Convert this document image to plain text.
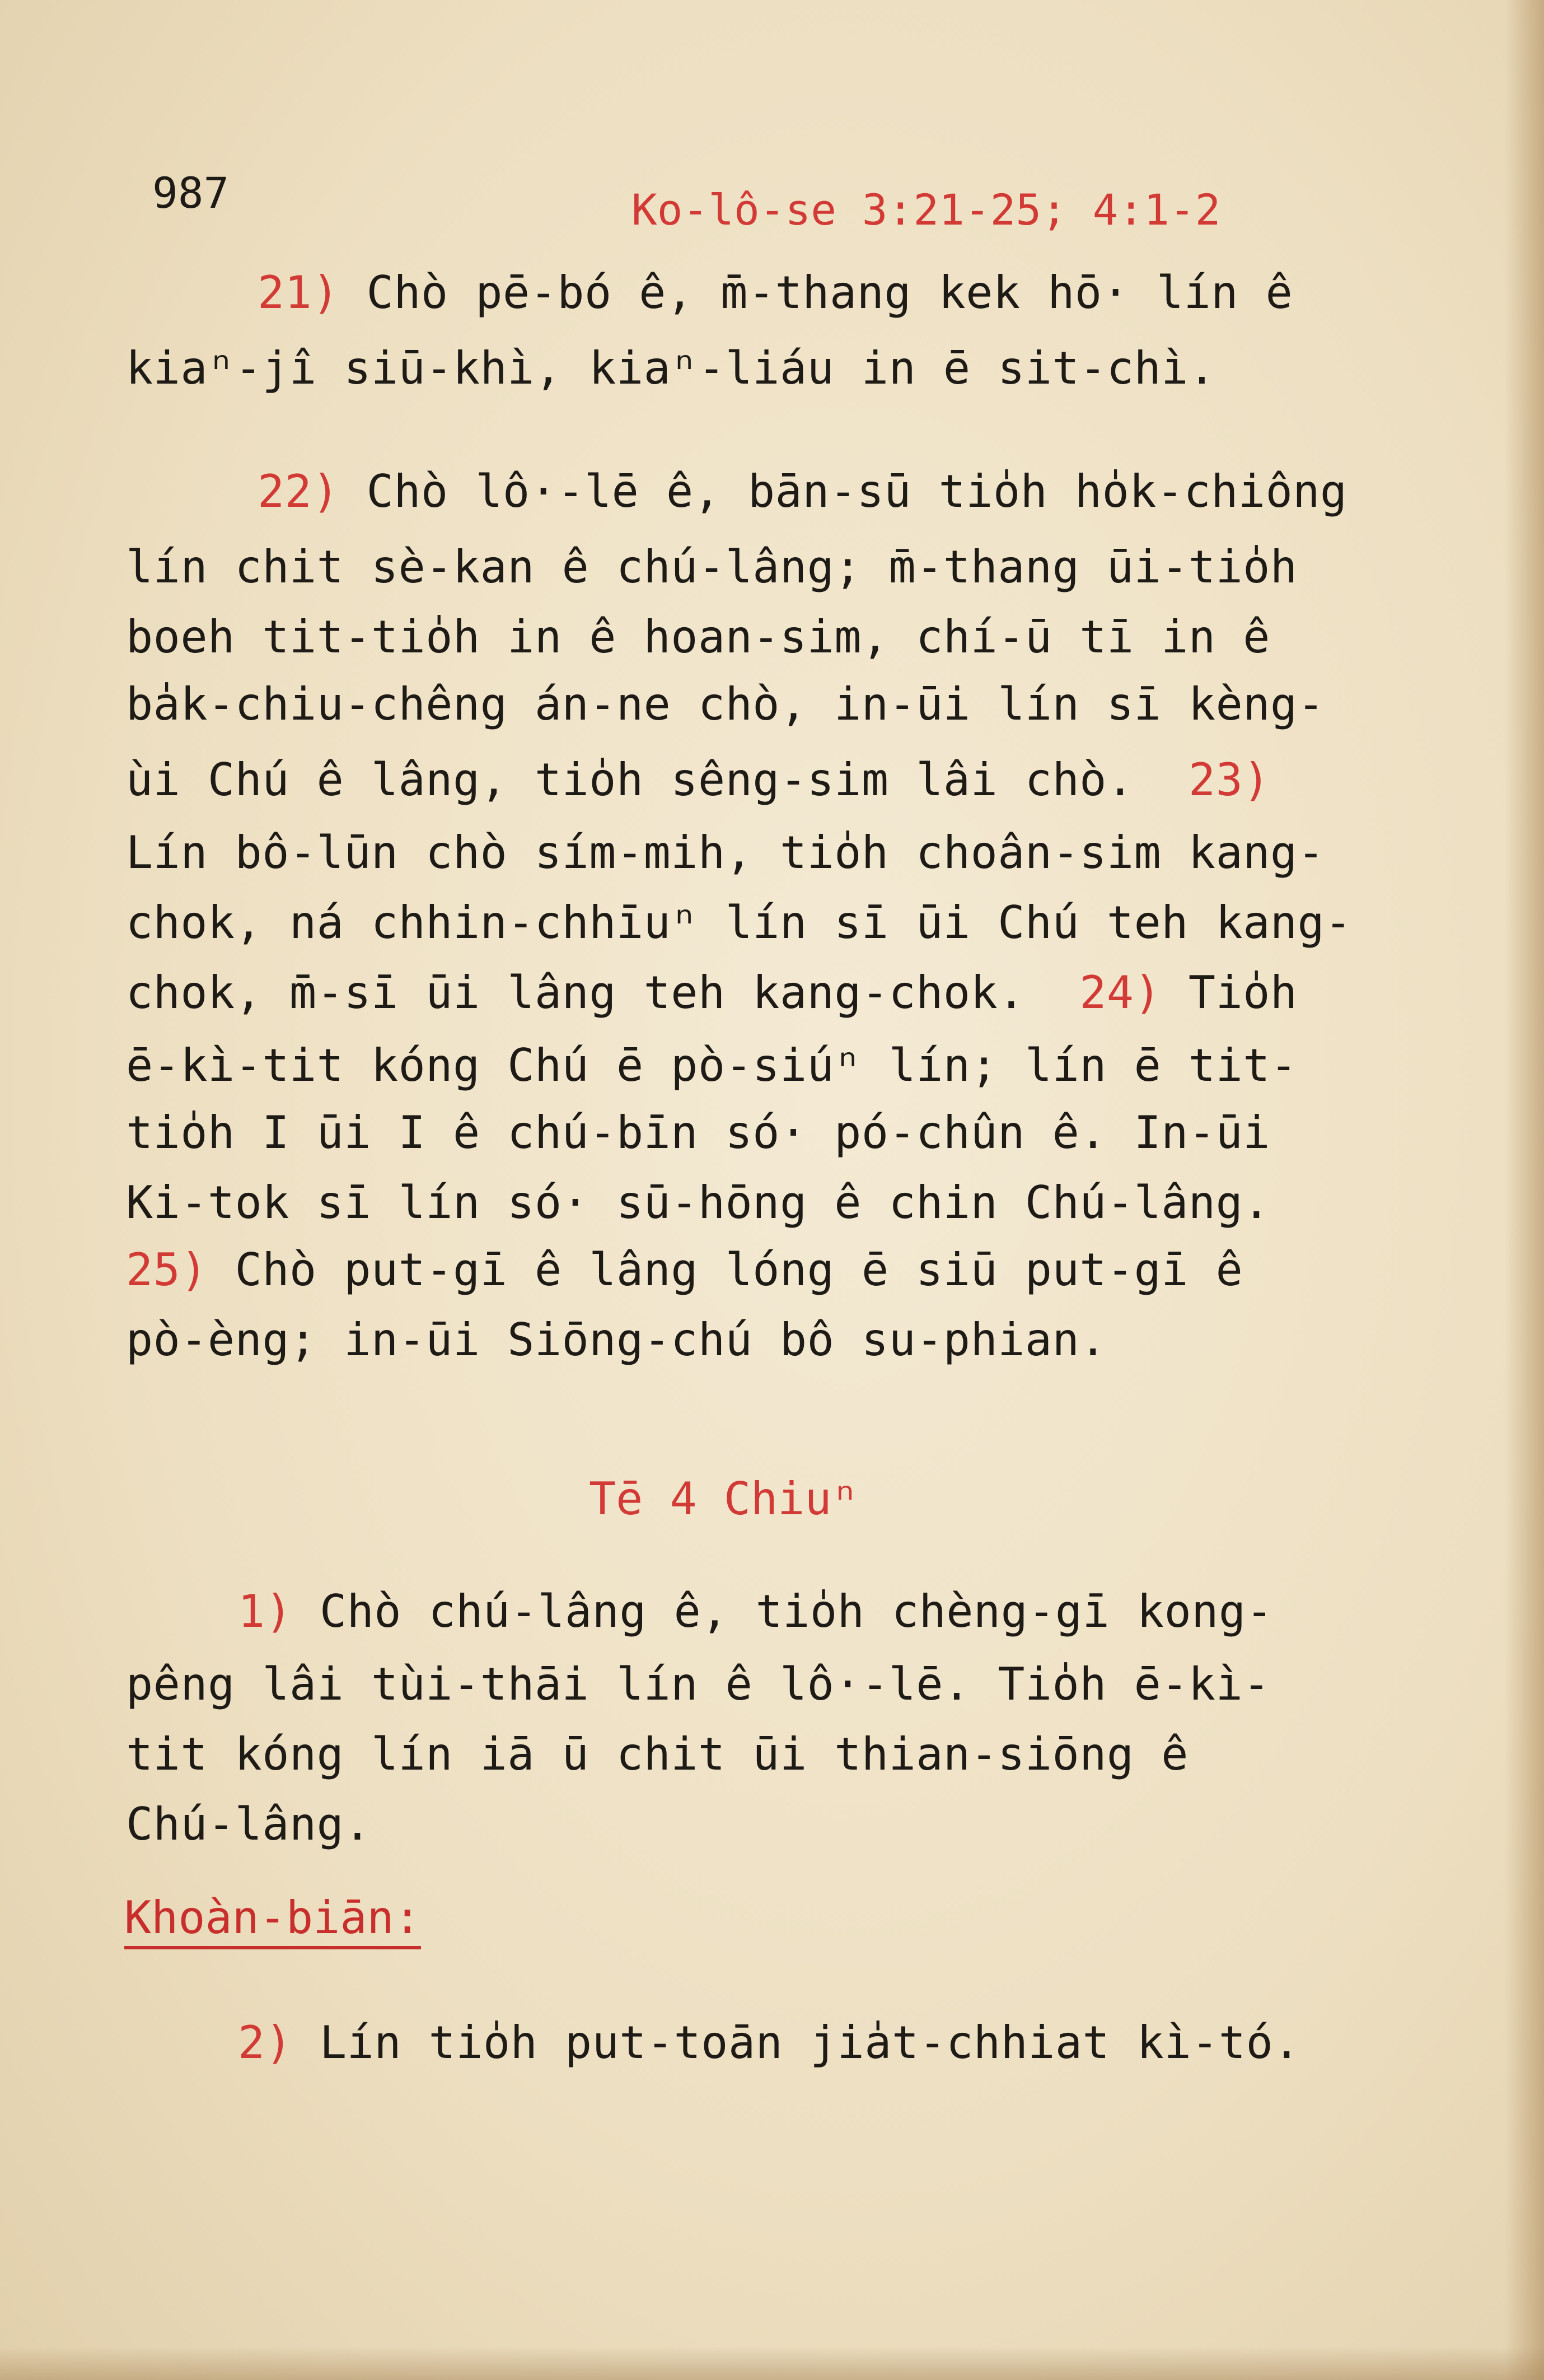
987	Ko-lô-se 3:21-25; 4:1-2
21) Chò pē-bó ê, m̄-thang kek hō· lín ê
kiaⁿ-jî siū-khì, kiaⁿ-liáu in ē sit-chì.
22) Chò lô·-lē ê, bān-sū tio̍h ho̍k-chiông
lín chit sè-kan ê chú-lâng; m̄-thang ūi-tio̍h
boeh tit-tio̍h in ê hoan-sim, chí-ū tī in ê
ba̍k-chiu-chêng án-ne chò, in-ūi lín sī kèng-
ùi Chú ê lâng, tio̍h sêng-sim lâi chò.  23)
Lín bô-lūn chò sím-mih, tio̍h choân-sim kang-
chok, ná chhin-chhīuⁿ lín sī ūi Chú teh kang-
chok, m̄-sī ūi lâng teh kang-chok.  24) Tio̍h
ē-kì-tit kóng Chú ē pò-siúⁿ lín; lín ē tit-
tio̍h I ūi I ê chú-bīn só· pó-chûn ê. In-ūi
Ki-tok sī lín só· sū-hōng ê chin Chú-lâng.
25) Chò put-gī ê lâng lóng ē siū put-gī ê
pò-èng; in-ūi Siōng-chú bô su-phian.
Tē 4 Chiuⁿ
1) Chò chú-lâng ê, tio̍h chèng-gī kong-
pêng lâi tùi-thāi lín ê lô·-lē. Tio̍h ē-kì-
tit kóng lín iā ū chit ūi thian-siōng ê
Chú-lâng.
Khoàn-biān:
2) Lín tio̍h put-toān jia̍t-chhiat kì-tó.
